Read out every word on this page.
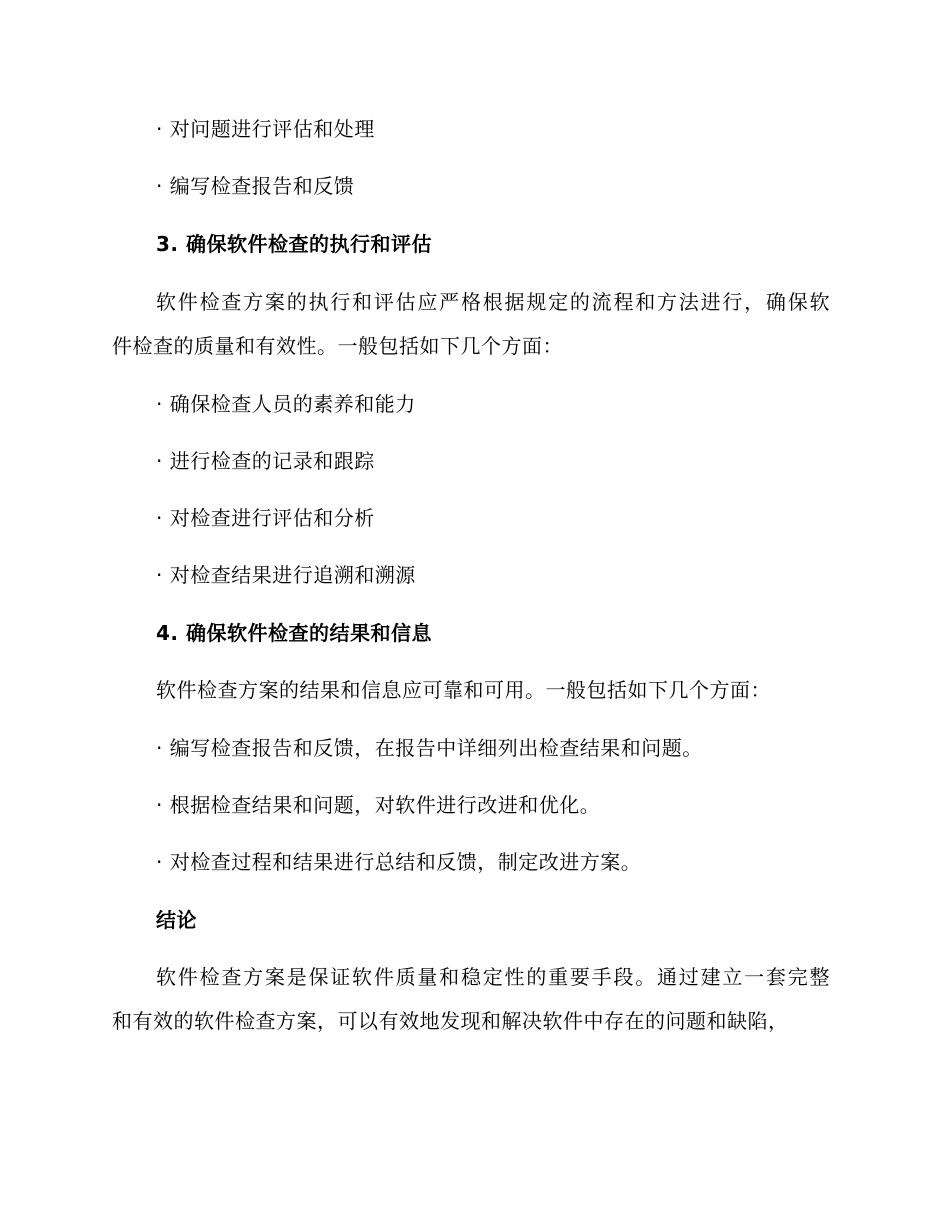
· 对问题进行评估和处理
· 编写检查报告和反馈
3. 确保软件检查的执行和评估
软件检查方案的执行和评估应严格根据规定的流程和方法进行，确保软
件检查的质量和有效性。一般包括如下几个方面：
· 确保检查人员的素养和能力
· 进行检查的记录和跟踪
· 对检查进行评估和分析
· 对检查结果进行追溯和溯源
4. 确保软件检查的结果和信息
软件检查方案的结果和信息应可靠和可用。一般包括如下几个方面：
· 编写检查报告和反馈，在报告中详细列出检查结果和问题。
· 根据检查结果和问题，对软件进行改进和优化。
· 对检查过程和结果进行总结和反馈，制定改进方案。
结论
软件检查方案是保证软件质量和稳定性的重要手段。通过建立一套完整
和有效的软件检查方案，可以有效地发现和解决软件中存在的问题和缺陷，
